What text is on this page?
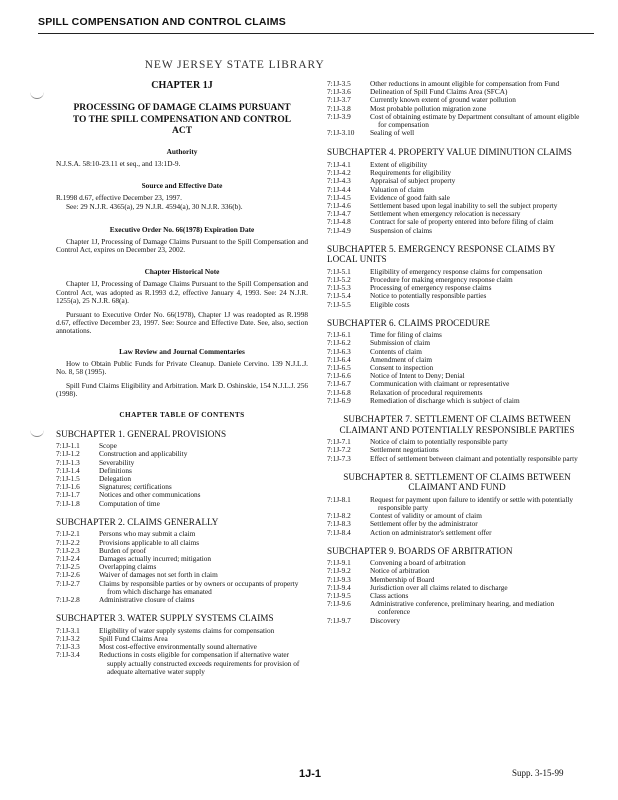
SPILL COMPENSATION AND CONTROL CLAIMS
NEW JERSEY STATE LIBRARY
CHAPTER 1J
PROCESSING OF DAMAGE CLAIMS PURSUANT TO THE SPILL COMPENSATION AND CONTROL ACT
Authority
N.J.S.A. 58:10-23.11 et seq., and 13:1D-9.
Source and Effective Date
R.1998 d.67, effective December 23, 1997.
See: 29 N.J.R. 4365(a), 29 N.J.R. 4594(a), 30 N.J.R. 336(b).
Executive Order No. 66(1978) Expiration Date
Chapter 1J, Processing of Damage Claims Pursuant to the Spill Compensation and Control Act, expires on December 23, 2002.
Chapter Historical Note
Chapter 1J, Processing of Damage Claims Pursuant to the Spill Compensation and Control Act, was adopted as R.1993 d.2, effective January 4, 1993. See: 24 N.J.R. 1255(a), 25 N.J.R. 68(a).
Pursuant to Executive Order No. 66(1978), Chapter 1J was readopted as R.1998 d.67, effective December 23, 1997. See: Source and Effective Date. See, also, section annotations.
Law Review and Journal Commentaries
How to Obtain Public Funds for Private Cleanup. Daniele Cervino. 139 N.J.L.J. No. 8, 58 (1995).
Spill Fund Claims Eligibility and Arbitration. Mark D. Oshinskie, 154 N.J.L.J. 256 (1998).
CHAPTER TABLE OF CONTENTS
SUBCHAPTER 1. GENERAL PROVISIONS
7:1J-1.1	Scope
7:1J-1.2	Construction and applicability
7:1J-1.3	Severability
7:1J-1.4	Definitions
7:1J-1.5	Delegation
7:1J-1.6	Signatures; certifications
7:1J-1.7	Notices and other communications
7:1J-1.8	Computation of time
SUBCHAPTER 2. CLAIMS GENERALLY
7:1J-2.1	Persons who may submit a claim
7:1J-2.2	Provisions applicable to all claims
7:1J-2.3	Burden of proof
7:1J-2.4	Damages actually incurred; mitigation
7:1J-2.5	Overlapping claims
7:1J-2.6	Waiver of damages not set forth in claim
7:1J-2.7	Claims by responsible parties or by owners or occupants of property from which discharge has emanated
7:1J-2.8	Administrative closure of claims
SUBCHAPTER 3. WATER SUPPLY SYSTEMS CLAIMS
7:1J-3.1	Eligibility of water supply systems claims for compensation
7:1J-3.2	Spill Fund Claims Area
7:1J-3.3	Most cost-effective environmentally sound alternative
7:1J-3.4	Reductions in costs eligible for compensation if alternative water supply actually constructed exceeds requirements for provision of adequate alternative water supply
7:1J-3.5	Other reductions in amount eligible for compensation from Fund
7:1J-3.6	Delineation of Spill Fund Claims Area (SFCA)
7:1J-3.7	Currently known extent of ground water pollution
7:1J-3.8	Most probable pollution migration zone
7:1J-3.9	Cost of obtaining estimate by Department consultant of amount eligible for compensation
7:1J-3.10	Sealing of well
SUBCHAPTER 4. PROPERTY VALUE DIMINUTION CLAIMS
7:1J-4.1	Extent of eligibility
7:1J-4.2	Requirements for eligibility
7:1J-4.3	Appraisal of subject property
7:1J-4.4	Valuation of claim
7:1J-4.5	Evidence of good faith sale
7:1J-4.6	Settlement based upon legal inability to sell the subject property
7:1J-4.7	Settlement when emergency relocation is necessary
7:1J-4.8	Contract for sale of property entered into before filing of claim
7:1J-4.9	Suspension of claims
SUBCHAPTER 5. EMERGENCY RESPONSE CLAIMS BY LOCAL UNITS
7:1J-5.1	Eligibility of emergency response claims for compensation
7:1J-5.2	Procedure for making emergency response claim
7:1J-5.3	Processing of emergency response claims
7:1J-5.4	Notice to potentially responsible parties
7:1J-5.5	Eligible costs
SUBCHAPTER 6. CLAIMS PROCEDURE
7:1J-6.1	Time for filing of claims
7:1J-6.2	Submission of claim
7:1J-6.3	Contents of claim
7:1J-6.4	Amendment of claim
7:1J-6.5	Consent to inspection
7:1J-6.6	Notice of Intent to Deny; Denial
7:1J-6.7	Communication with claimant or representative
7:1J-6.8	Relaxation of procedural requirements
7:1J-6.9	Remediation of discharge which is subject of claim
SUBCHAPTER 7. SETTLEMENT OF CLAIMS BETWEEN CLAIMANT AND POTENTIALLY RESPONSIBLE PARTIES
7:1J-7.1	Notice of claim to potentially responsible party
7:1J-7.2	Settlement negotiations
7:1J-7.3	Effect of settlement between claimant and potentially responsible party
SUBCHAPTER 8. SETTLEMENT OF CLAIMS BETWEEN CLAIMANT AND FUND
7:1J-8.1	Request for payment upon failure to identify or settle with potentially responsible party
7:1J-8.2	Contest of validity or amount of claim
7:1J-8.3	Settlement offer by the administrator
7:1J-8.4	Action on administrator's settlement offer
SUBCHAPTER 9. BOARDS OF ARBITRATION
7:1J-9.1	Convening a board of arbitration
7:1J-9.2	Notice of arbitration
7:1J-9.3	Membership of Board
7:1J-9.4	Jurisdiction over all claims related to discharge
7:1J-9.5	Class actions
7:1J-9.6	Administrative conference, preliminary hearing, and mediation conference
7:1J-9.7	Discovery
1J-1	Supp. 3-15-99
